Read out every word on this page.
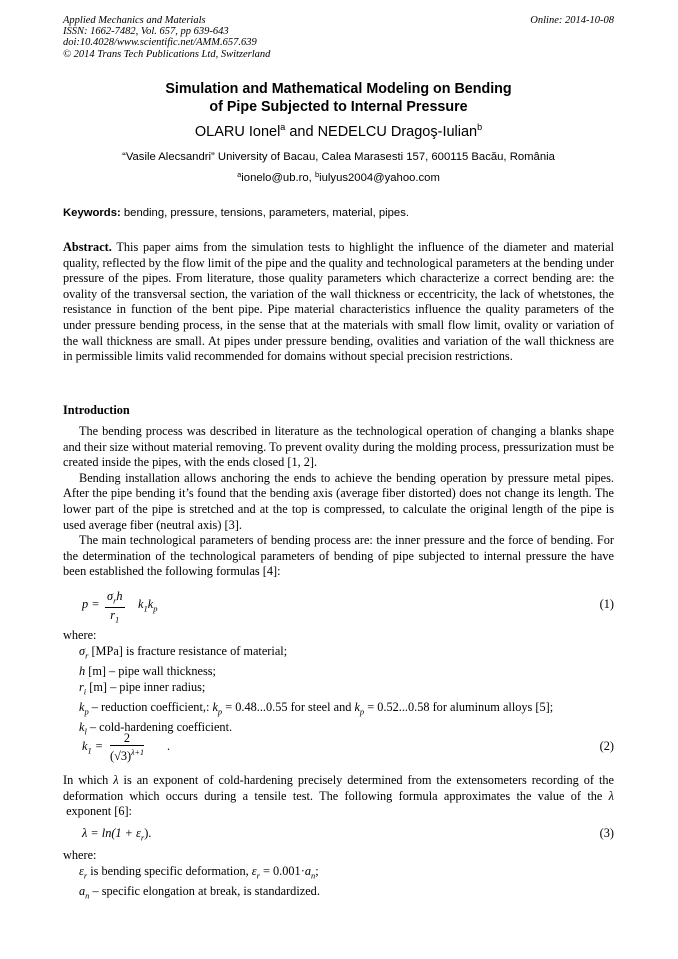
Applied Mechanics and Materials
ISSN: 1662-7482, Vol. 657, pp 639-643
doi:10.4028/www.scientific.net/AMM.657.639
© 2014 Trans Tech Publications Ltd, Switzerland
Online: 2014-10-08
Simulation and Mathematical Modeling on Bending
of Pipe Subjected to Internal Pressure
OLARU Ionel$^a$ and NEDELCU Dragoş-Iulian$^b$
“Vasile Alecsandri” University of Bacau, Calea Marasesti 157, 600115 Bacău, România
$^a$ionelo@ub.ro, $^b$iulyus2004@yahoo.com
Keywords: bending, pressure, tensions, parameters, material, pipes.
Abstract. This paper aims from the simulation tests to highlight the influence of the diameter and material quality, reflected by the flow limit of the pipe and the quality and technological parameters at the bending under pressure of the pipes. From literature, those quality parameters which characterize a correct bending are: the ovality of the transversal section, the variation of the wall thickness or eccentricity, the lack of whetstones, the resistance in function of the bent pipe. Pipe material characteristics influence the quality parameters of the under pressure bending process, in the sense that at the materials with small flow limit, ovality or variation of the wall thickness are small. At pipes under pressure bending, ovalities and variation of the wall thickness are in permissible limits valid recommended for domains without special precision restrictions.
Introduction

The bending process was described in literature as the technological operation of changing a blanks shape and their size without material removing. To prevent ovality during the molding process, pressurization must be created inside the pipes, with the ends closed [1, 2].

Bending installation allows anchoring the ends to achieve the bending operation by pressure metal pipes. After the pipe bending it’s found that the bending axis (average fiber distorted) does not change its length. The lower part of the pipe is stretched and at the top is compressed, to calculate the original length of the pipe is used average fiber (neutral axis) [3].

The main technological parameters of bending process are: the inner pressure and the force of bending. For the determination of the technological parameters of bending of pipe subjected to internal pressure the have been established the following formulas [4]:

p =
$\sigma_rh$
$r_1$
$k_1k_p$	(1)
where:
$\sigma_r$ [MPa] is fracture resistance of material;
h [m] – pipe wall thickness;
$r_i$ [m] – pipe inner radius;
$k_p$ – reduction coefficient,: $k_p = 0.48...0.55$ for steel and $k_p = 0.52...0.58$ for aluminum alloys [5];
$k_l$ – cold-hardening coefficient.
$k_1 = \frac{2}{(√3)^{\lambda+1}}$ .	(2)
In which λ is an exponent of cold-hardening precisely determined from the extensometers recording of the deformation which occurs during a tensile test. The following formula approximates the value of the λ exponent [6]:
$\lambda = \ln(1 + \varepsilon_r)$.	(3)
where:
$\varepsilon_r$ is bending specific deformation, $\varepsilon_r = 0.001\cdot a_n$;
$a_n$ – specific elongation at break, is standardized.
